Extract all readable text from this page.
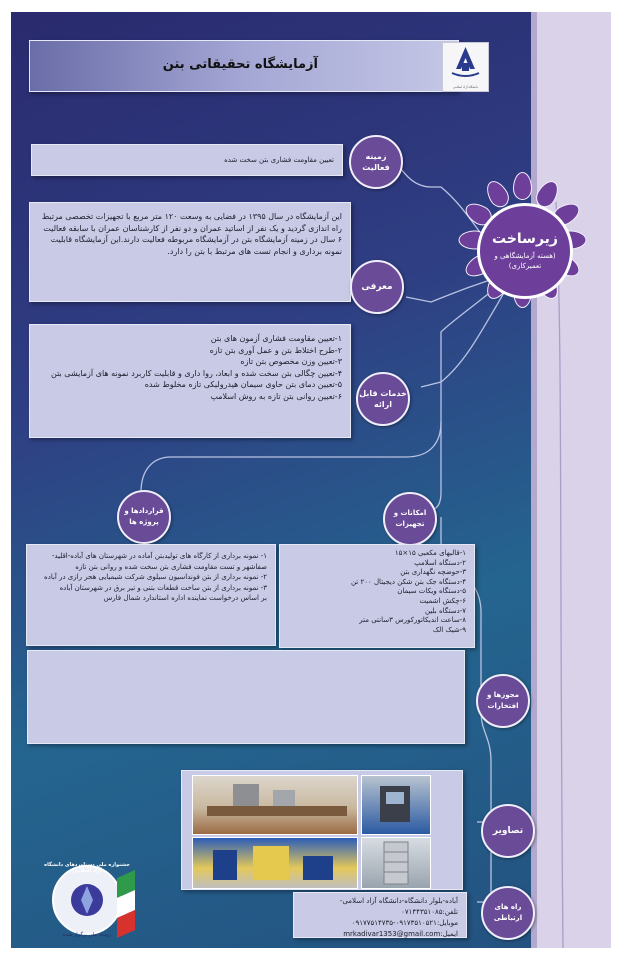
آزمایشگاه تحقیقاتی بتن
دانشگاه آزاد اسلامی
تعیین مقاومت فشاری بتن سخت شده	زمینه فعالیت
این آزمایشگاه در سال ۱۳۹۵ در فضایی به وسعت ۱۲۰ متر مربع با تجهیزات تخصصی مرتبط راه اندازی گردید و یک نفر از اساتید عمران و دو نفر از کارشناسان عمران با سابقه فعالیت ۶ سال در زمینه آزمایشگاه بتن در آزمایشگاه مربوطه فعالیت دارند.این آزمایشگاه قابلیت نمونه برداری و انجام تست های مرتبط با بتن را دارد.
معرفی
۱-تعیین مقاومت فشاری آزمون های بتن
۲-طرح اختلاط بتن و عمل آوری بتن تازه
۳-تعیین وزن مخصوص بتن تازه
۴-تعیین چگالی بتن سخت شده و ابعاد، روا داری و قابلیت کاربرد نمونه های آزمایشی بتن
۵-تعیین دمای بتن حاوی سیمان هیدرولیکی تازه مخلوط شده
۶-تعیین روانی بتن تازه به روش اسلامپ خدمات قابل ارائه
زیرساخت
(هسته آزمایشگاهی و تعمیرکاری)
قراردادها و پروژه ها
۱- نمونه برداری از کارگاه های تولیدبتن آماده در شهرستان های آباده-اقلید-صفاشهر و تست مقاومت فشاری بتن سخت شده و روانی بتن تازه
۲- نمونه برداری از بتن فونداسیون سیلوی شرکت شیمیایی هجر رازی در آباده
۳- نمونه برداری از بتن ساخت قطعات بتنی و تیر برق در شهرستان آباده
بر اساس درخواست نماینده اداره استاندارد شمال فارس
امکانات و تجهیزات
۱-قالبهای مکعبی ۱۵×۱۵
۲-دستگاه اسلامپ
۳-حوضچه نگهداری بتن
۴-دستگاه جک بتن شکن دیجیتال ۲۰۰ تن
۵-دستگاه ویکات سیمان
۶-چکش اشمیت
۷-دستگاه بلین
۸-ساعت اندیکاتورکورس ۳سانتی متر
۹-شیک الک
مجوزها و افتخارات
تصاویر
آباده-بلوار دانشگاه-دانشگاه آزاد اسلامی-تلفن:۰۷۱۴۴۳۵۱۰۸۵
موبایل:۰۹۱۷۳۵۱۰۵۲۱-۰۹۱۷۷۵۱۴۷۳۵
ایمیل:mrkadivar1353@gmail.com
راه های ارتباطی
جشنواره ملی دستاوردهای دانشگاه آزاد اسلامی
رویداد ملی برگزار شده
